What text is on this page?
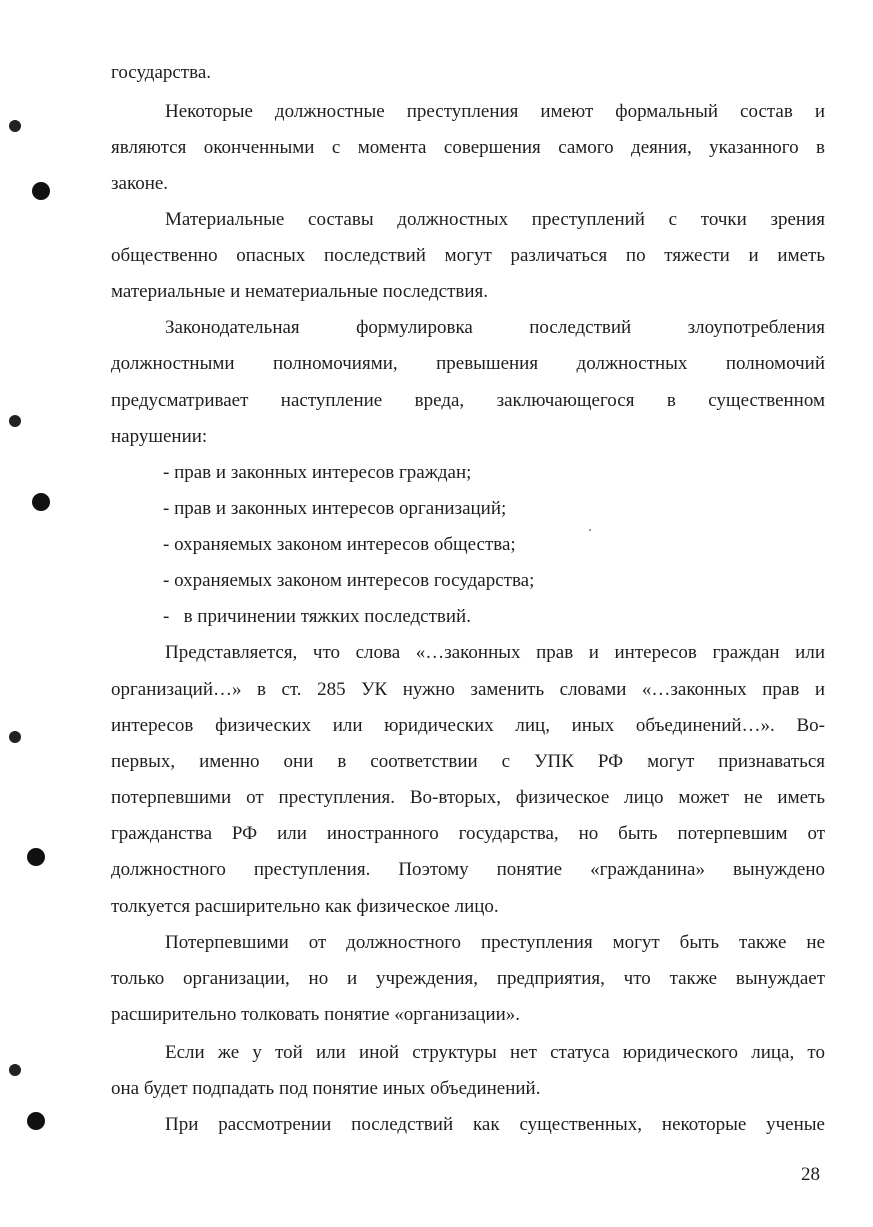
государства.
Некоторые должностные преступления имеют формальный состав и
являются оконченными с момента совершения самого деяния, указанного в
законе.
Материальные составы должностных преступлений с точки зрения
общественно опасных последствий могут различаться по тяжести и иметь
материальные и нематериальные последствия.
Законодательная формулировка последствий злоупотребления
должностными полномочиями, превышения должностных полномочий
предусматривает наступление вреда, заключающегося в существенном
нарушении:
- прав и законных интересов граждан;
- прав и законных интересов организаций;
- охраняемых законом интересов общества;
- охраняемых законом интересов государства;
-   в причинении тяжких последствий.
Представляется, что слова «…законных прав и интересов граждан или
организаций…» в ст. 285 УК нужно заменить словами «…законных прав и
интересов физических или юридических лиц, иных объединений…». Во-
первых, именно они в соответствии с УПК РФ могут признаваться
потерпевшими от преступления. Во-вторых, физическое лицо может не иметь
гражданства РФ или иностранного государства, но быть потерпевшим от
должностного преступления. Поэтому понятие «гражданина» вынуждено
толкуется расширительно как физическое лицо.
Потерпевшими от должностного преступления могут быть также не
только организации, но и учреждения, предприятия, что также вынуждает
расширительно толковать понятие «организации».
Если же у той или иной структуры нет статуса юридического лица, то
она будет подпадать под понятие иных объединений.
При рассмотрении последствий как существенных, некоторые ученые
28
